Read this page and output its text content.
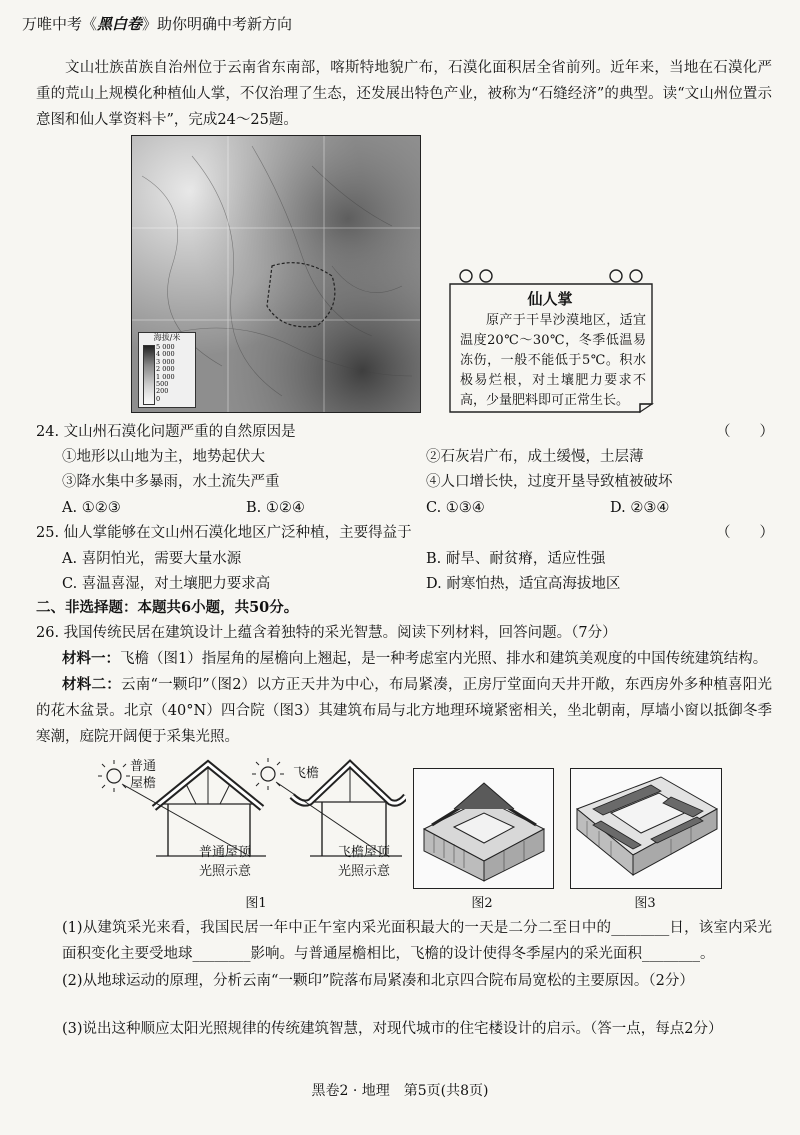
万唯中考《黑白卷》助你明确中考新方向
文山壮族苗族自治州位于云南省东南部，喀斯特地貌广布，石漠化面积居全省前列。近年来，当地在石漠化严重的荒山上规模化种植仙人掌，不仅治理了生态，还发展出特色产业，被称为“石缝经济”的典型。读“文山州位置示意图和仙人掌资料卡”，完成24～25题。
海拔/米
5 000
4 000
3 000
2 000
1 000
500
200
0
仙人掌
原产于干旱沙漠地区，适宜温度20℃～30℃，冬季低温易冻伤，一般不能低于5℃。积水极易烂根，对土壤肥力要求不高，少量肥料即可正常生长。
24. 文山州石漠化问题严重的自然原因是	（　　）
①地形以山地为主，地势起伏大	②石灰岩广布，成土缓慢，土层薄
③降水集中多暴雨，水土流失严重	④人口增长快，过度开垦导致植被破坏
A. ①②③	B. ①②④	C. ①③④	D. ②③④
25. 仙人掌能够在文山州石漠化地区广泛种植，主要得益于	（　　）
A. 喜阴怕光，需要大量水源	B. 耐旱、耐贫瘠，适应性强
C. 喜温喜湿，对土壤肥力要求高	D. 耐寒怕热，适宜高海拔地区
二、非选择题：本题共6小题，共50分。
26. 我国传统民居在建筑设计上蕴含着独特的采光智慧。阅读下列材料，回答问题。（7分）
材料一：飞檐（图1）指屋角的屋檐向上翘起，是一种考虑室内光照、排水和建筑美观度的中国传统建筑结构。
材料二：云南“一颗印”（图2）以方正天井为中心，布局紧凑，正房厅堂面向天井开敞，东西房外多种植喜阳光的花木盆景。北京（40°N）四合院（图3）其建筑布局与北方地理环境紧密相关，坐北朝南，厚墙小窗以抵御冬季寒潮，庭院开阔便于采集光照。
普通
屋檐
普通屋顶
光照示意
飞檐
飞檐屋顶
光照示意
图1	图2	图3
(1)从建筑采光来看，我国民居一年中正午室内采光面积最大的一天是二分二至日中的________日，该室内采光面积变化主要受地球________影响。与普通屋檐相比，飞檐的设计使得冬季屋内的采光面积________。
(2)从地球运动的原理，分析云南“一颗印”院落布局紧凑和北京四合院布局宽松的主要原因。（2分）
(3)说出这种顺应太阳光照规律的传统建筑智慧，对现代城市的住宅楼设计的启示。（答一点，每点2分）
黑卷2 · 地理　第5页(共8页)
